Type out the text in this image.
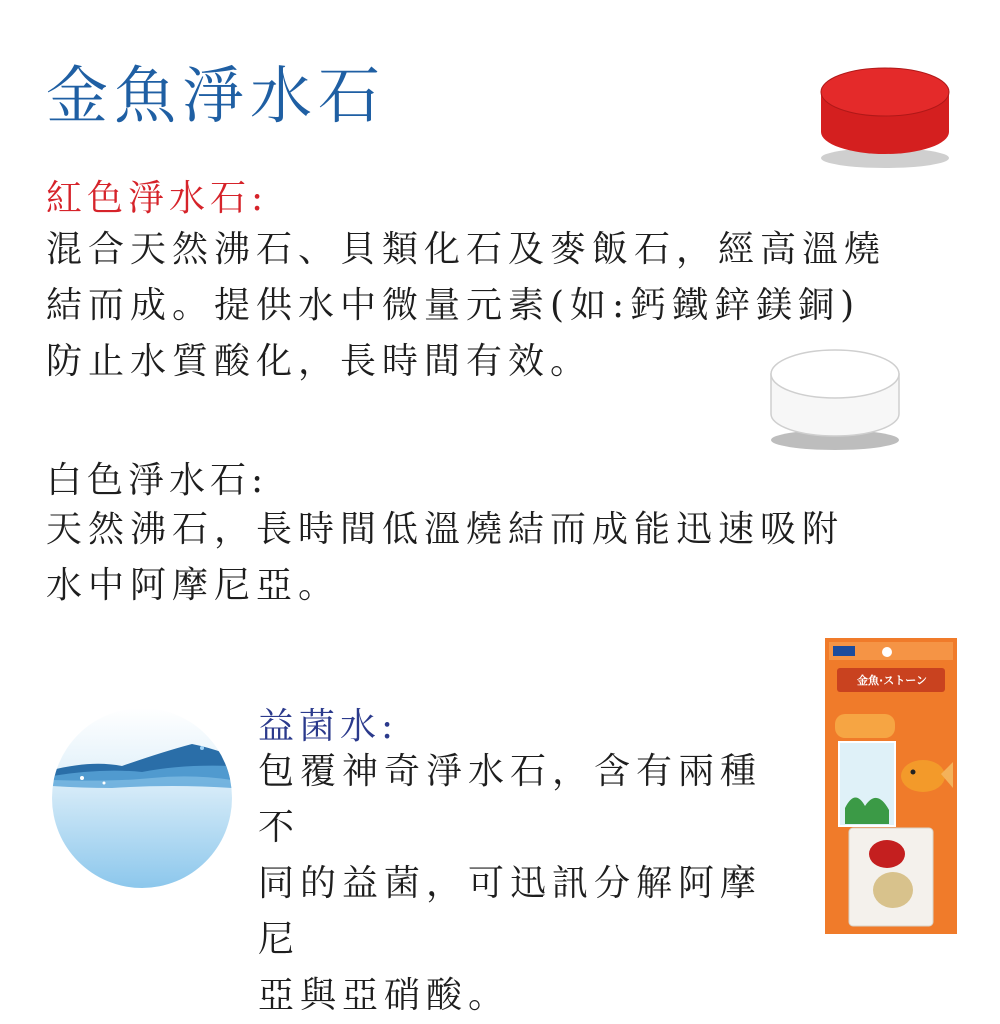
金魚淨水石
紅色淨水石:
混合天然沸石、貝類化石及麥飯石，經高溫燒
結而成。提供水中微量元素(如:鈣鐵鋅鎂銅)
防止水質酸化，長時間有效。
白色淨水石:
天然沸石，長時間低溫燒結而成能迅速吸附
水中阿摩尼亞。
益菌水:
包覆神奇淨水石，含有兩種不
同的益菌，可迅訊分解阿摩尼
亞與亞硝酸。
金魚·ストーン
